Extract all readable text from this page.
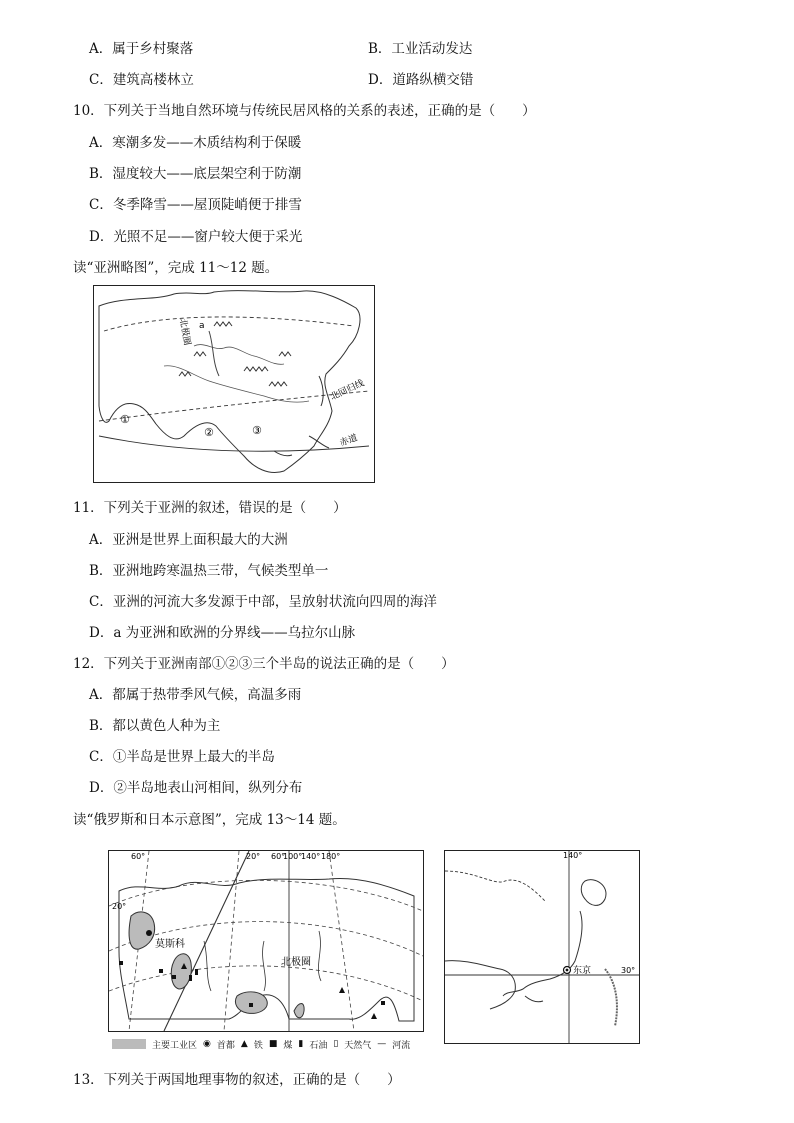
A．属于乡村聚落	B．工业活动发达
C．建筑高楼林立	D．道路纵横交错
10．下列关于当地自然环境与传统民居风格的关系的表述，正确的是（　　）
A．寒潮多发——木质结构利于保暖
B．湿度较大——底层架空利于防潮
C．冬季降雪——屋顶陡峭便于排雪
D．光照不足——窗户较大便于采光
读“亚洲略图”，完成 11～12 题。
北极圈 a
北回归线
赤道
①
②	③
11．下列关于亚洲的叙述，错误的是（　　）
A．亚洲是世界上面积最大的大洲
B．亚洲地跨寒温热三带，气候类型单一
C．亚洲的河流大多发源于中部，呈放射状流向四周的海洋
D．a 为亚洲和欧洲的分界线——乌拉尔山脉
12．下列关于亚洲南部①②③三个半岛的说法正确的是（　　）
A．都属于热带季风气候，高温多雨
B．都以黄色人种为主
C．①半岛是世界上最大的半岛
D．②半岛地表山河相间，纵列分布
读“俄罗斯和日本示意图”，完成 13～14 题。
60°	20° 60°
100°
140° 180°
20°
莫斯科
北极圈
140°
东京	30°
主要工业区 ◉ 首都 ▲ 铁 ■ 煤 ▮ 石油 ▯ 天然气 — 河流
13．下列关于两国地理事物的叙述，正确的是（　　）
